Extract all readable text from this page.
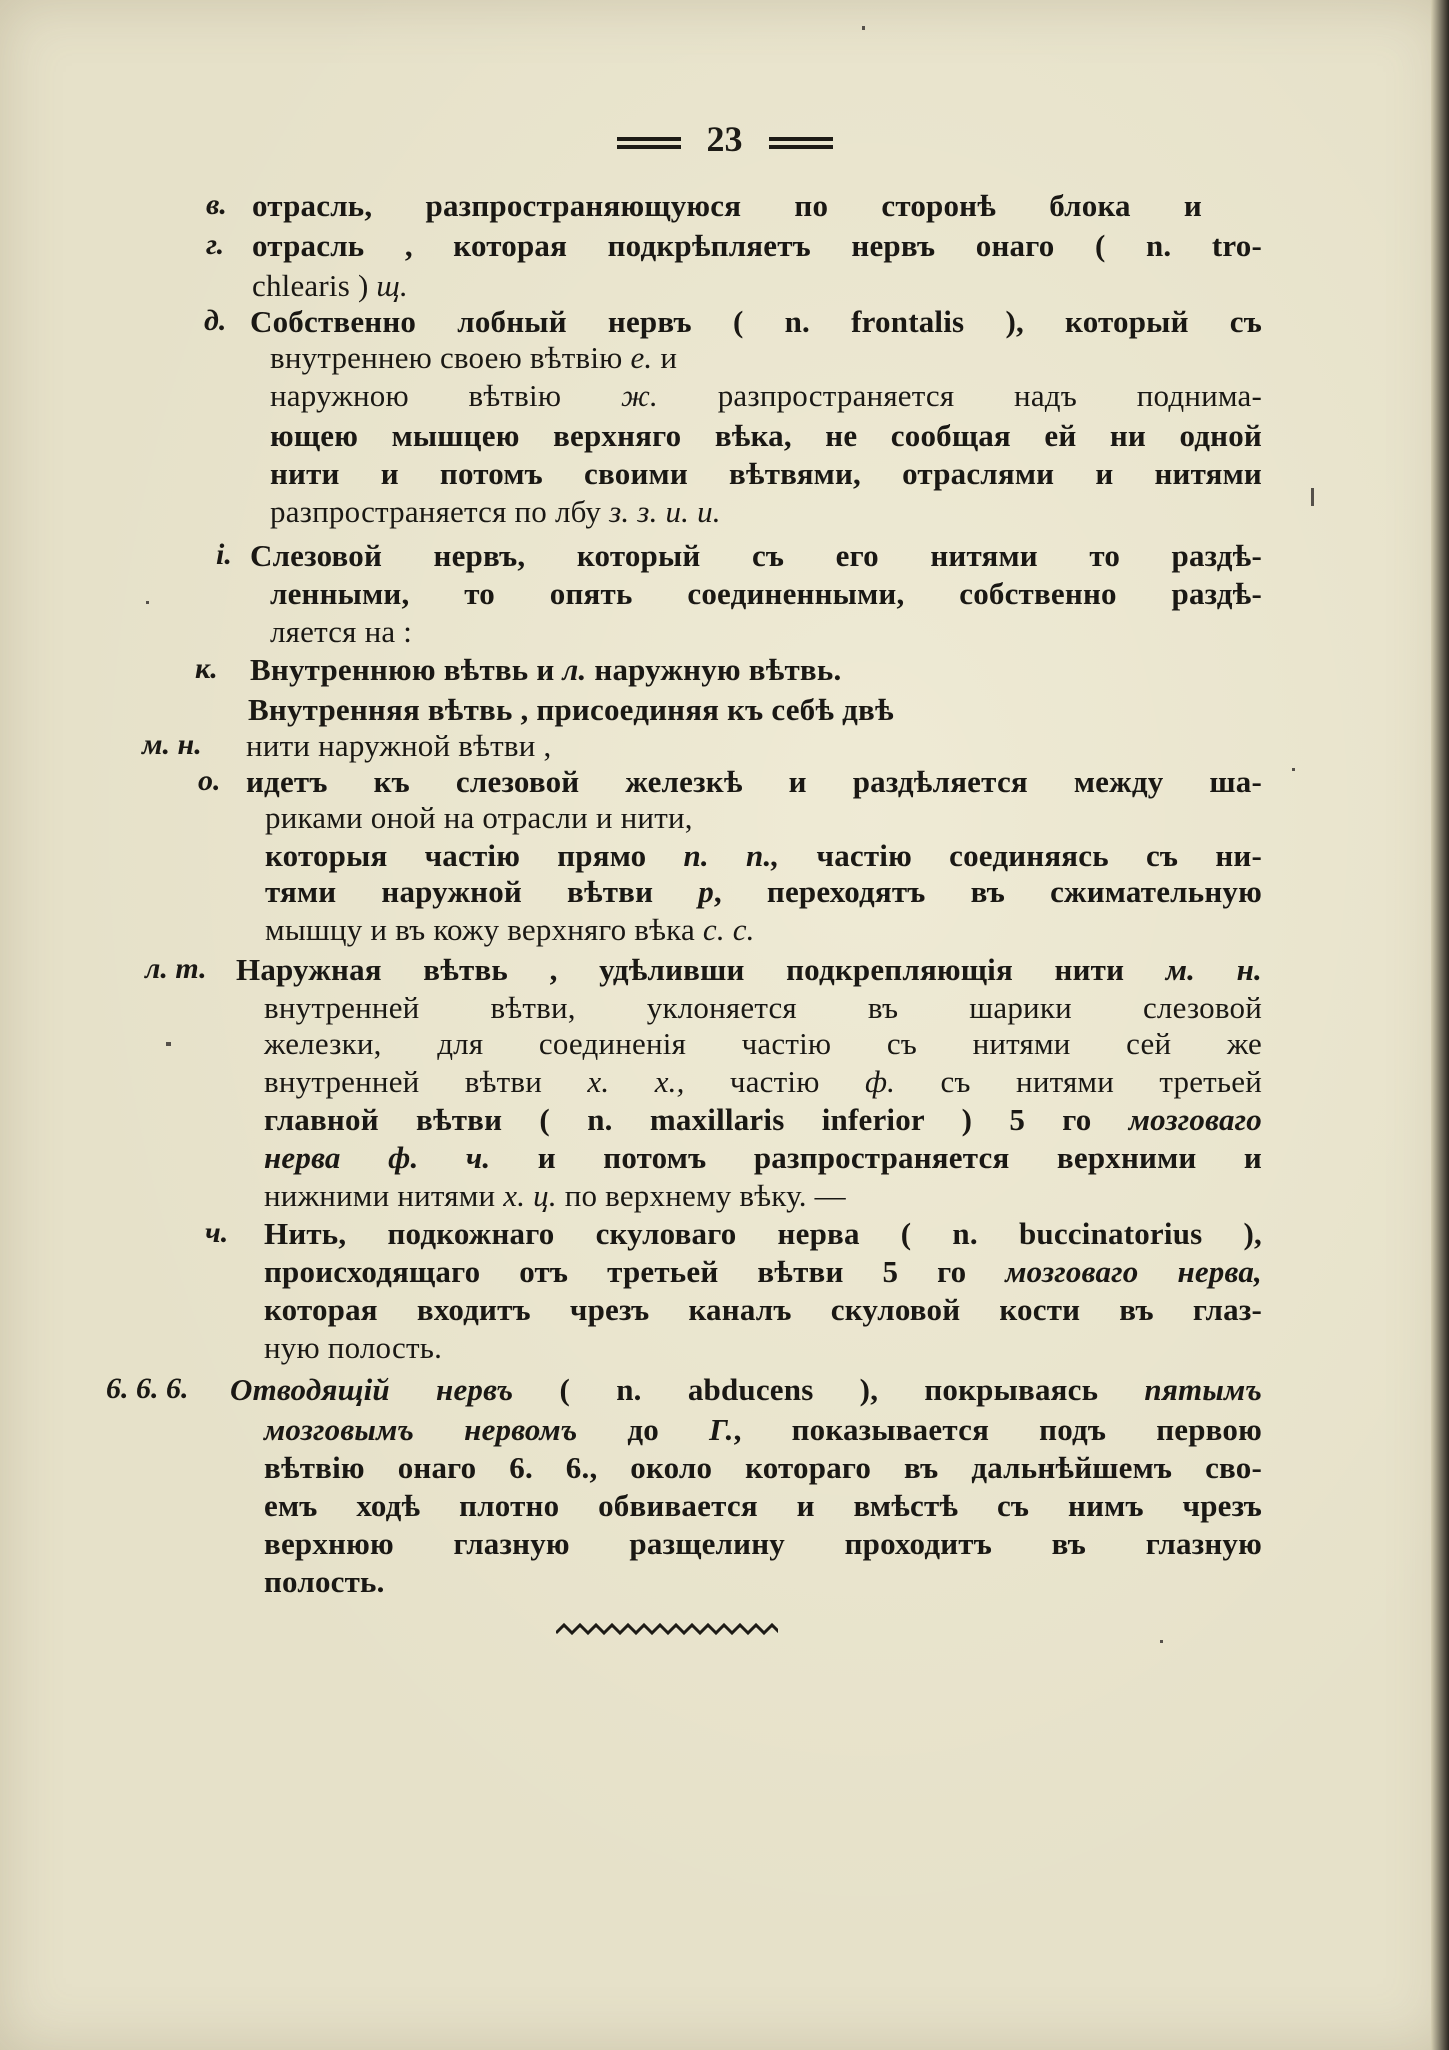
23
в. отрасль, разпространяющуюся по сторонѣ блока и
г. отрасль , которая подкрѣпляетъ нервъ онаго ( n. tro-
chlearis ) щ.
д. Собственно лобный нервъ ( n. frontalis ), который съ
внутреннею своею вѣтвію е. и
наружною вѣтвію ж. разпространяется надъ поднима-
ющею мышцею верхняго вѣка, не сообщая ей ни одной
нити и потомъ своими вѣтвями, отраслями и нитями
разпространяется по лбу з. з. и. и.
і. Слезовой нервъ, который съ его нитями то раздѣ-
ленными, то опять соединенными, собственно раздѣ-
ляется на :
к. Внутреннюю вѣтвь и л. наружную вѣтвь.
Внутренняя вѣтвь , присоединяя къ себѣ двѣ
м. н. нити наружной вѣтви ,
о. идетъ къ слезовой железкѣ и раздѣляется между ша-
риками оной на отрасли и нити,
которыя частію прямо п. п., частію соединяясь съ ни-
тями наружной вѣтви р, переходятъ въ сжимательную
мышцу и въ кожу верхняго вѣка с. с.
л. т. Наружная вѣтвь , удѣливши подкрепляющія нити м. н.
внутренней вѣтви, уклоняется въ шарики слезовой
железки, для соединенія частію съ нитями сей же
внутренней вѣтви х. х., частію ф. съ нитями третьей
главной вѣтви ( n. maxillaris inferior ) 5 го мозговаго
нерва ф. ч. и потомъ разпространяется верхними и
нижними нитями х. ц. по верхнему вѣку. —
ч. Нить, подкожнаго скуловаго нерва ( n. buccinatorius ),
происходящаго отъ третьей вѣтви 5 го мозговаго нерва,
которая входитъ чрезъ каналъ скуловой кости въ глаз-
ную полость.
6. 6. 6. Отводящій нервъ ( n. abducens ), покрываясь пятымъ
мозговымъ нервомъ до Г., показывается подъ первою
вѣтвію онаго 6. 6., около котораго въ дальнѣйшемъ сво-
емъ ходѣ плотно обвивается и вмѣстѣ съ нимъ чрезъ
верхнюю глазную разщелину проходитъ въ глазную
полость.
